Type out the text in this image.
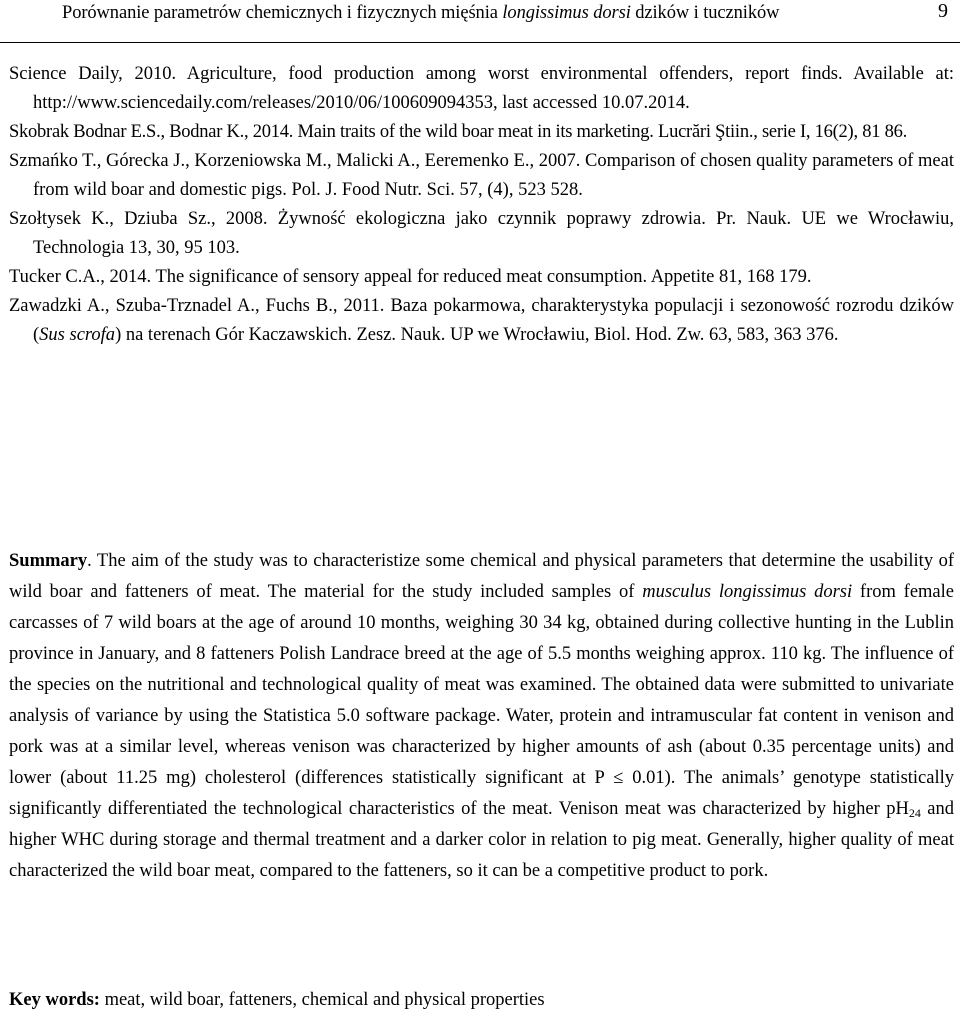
Porównanie parametrów chemicznych i fizycznych mięśnia longissimus dorsi dzików i tuczników	9

Science Daily, 2010. Agriculture, food production among worst environmental offenders, report finds. Available at: http://www.sciencedaily.com/releases/2010/06/100609094353, last accessed 10.07.2014.

Skobrak Bodnar E.S., Bodnar K., 2014. Main traits of the wild boar meat in its marketing. Lucrări Ştiin., serie I, 16(2), 81 86.

Szmańko T., Górecka J., Korzeniowska M., Malicki A., Eeremenko E., 2007. Comparison of chosen quality parameters of meat from wild boar and domestic pigs. Pol. J. Food Nutr. Sci. 57, (4), 523 528.

Szołtysek K., Dziuba Sz., 2008. Żywność ekologiczna jako czynnik poprawy zdrowia. Pr. Nauk. UE we Wrocławiu, Technologia 13, 30, 95 103.

Tucker C.A., 2014. The significance of sensory appeal for reduced meat consumption. Appetite 81, 168 179.

Zawadzki A., Szuba-Trznadel A., Fuchs B., 2011. Baza pokarmowa, charakterystyka populacji i sezonowość rozrodu dzików (Sus scrofa) na terenach Gór Kaczawskich. Zesz. Nauk. UP we Wrocławiu, Biol. Hod. Zw. 63, 583, 363 376.

Summary. The aim of the study was to characteristize some chemical and physical parameters that determine the usability of wild boar and fatteners of meat. The material for the study included samples of musculus longissimus dorsi from female carcasses of 7 wild boars at the age of around 10 months, weighing 30 34 kg, obtained during collective hunting in the Lublin province in January, and 8 fatteners Polish Landrace breed at the age of 5.5 months weighing approx. 110 kg. The influence of the species on the nutritional and technological quality of meat was examined. The obtained data were submitted to univariate analysis of variance by using the Statistica 5.0 software package. Water, protein and intramuscular fat content in venison and pork was at a similar level, whereas venison was characterized by higher amounts of ash (about 0.35 percentage units) and lower (about 11.25 mg) cholesterol (differences statistically significant at P ≤ 0.01). The animals’ genotype statistically significantly differentiated the technological characteristics of the meat. Venison meat was characterized by higher $pH_{24}$ and higher WHC during storage and thermal treatment and a darker color in relation to pig meat. Generally, higher quality of meat characterized the wild boar meat, compared to the fatteners, so it can be a competitive product to pork.

Key words: meat, wild boar, fatteners, chemical and physical properties
